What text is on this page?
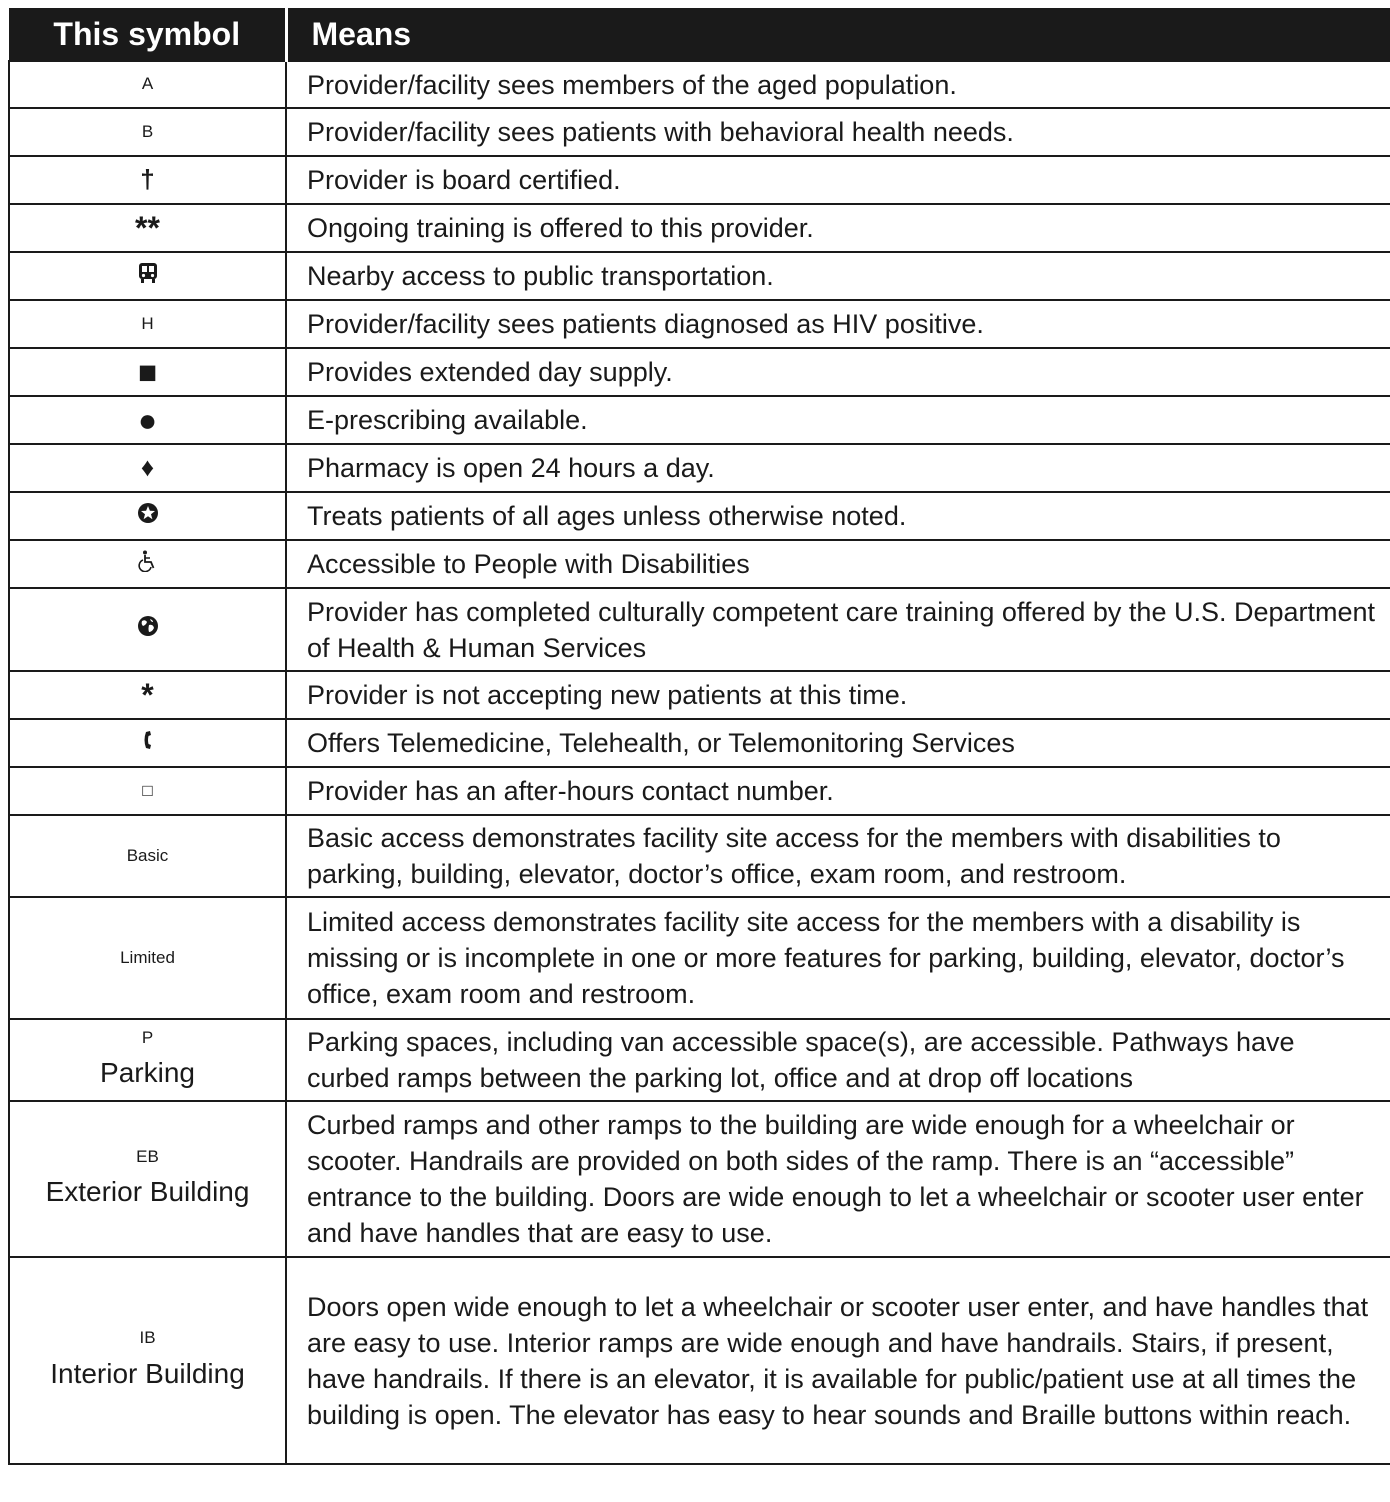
This symbol	Means

A	Provider/facility sees members of the aged population.

B	Provider/facility sees patients with behavioral health needs.

†	Provider is board certified.

**	Ongoing training is offered to this provider.
	Nearby access to public transportation.

H	Provider/facility sees patients diagnosed as HIV positive.

■	Provides extended day supply.

●	E-prescribing available.

♦	Pharmacy is open 24 hours a day.
	Treats patients of all ages unless otherwise noted.
	Accessible to People with Disabilities
	Provider has completed culturally competent care training offered by the U.S. Department of Health & Human Services

*	Provider is not accepting new patients at this time.
	Offers Telemedicine, Telehealth, or Telemonitoring Services

□	Provider has an after-hours contact number.

Basic	Basic access demonstrates facility site access for the members with disabilities to parking, building, elevator, doctor’s office, exam room, and restroom.

Limited	Limited access demonstrates facility site access for the members with a disability is missing or is incomplete in one or more features for parking, building, elevator, doctor’s office, exam room and restroom.

P
Parking	Parking spaces, including van accessible space(s), are accessible. Pathways have curbed ramps between the parking lot, office and at drop off locations

EB
Exterior Building	Curbed ramps and other ramps to the building are wide enough for a wheelchair or scooter. Handrails are provided on both sides of the ramp. There is an “accessible” entrance to the building. Doors are wide enough to let a wheelchair or scooter user enter and have handles that are easy to use.

IB
Interior Building	Doors open wide enough to let a wheelchair or scooter user enter, and have handles that are easy to use. Interior ramps are wide enough and have handrails. Stairs, if present, have handrails. If there is an elevator, it is available for public/patient use at all times the building is open. The elevator has easy to hear sounds and Braille buttons within reach.
